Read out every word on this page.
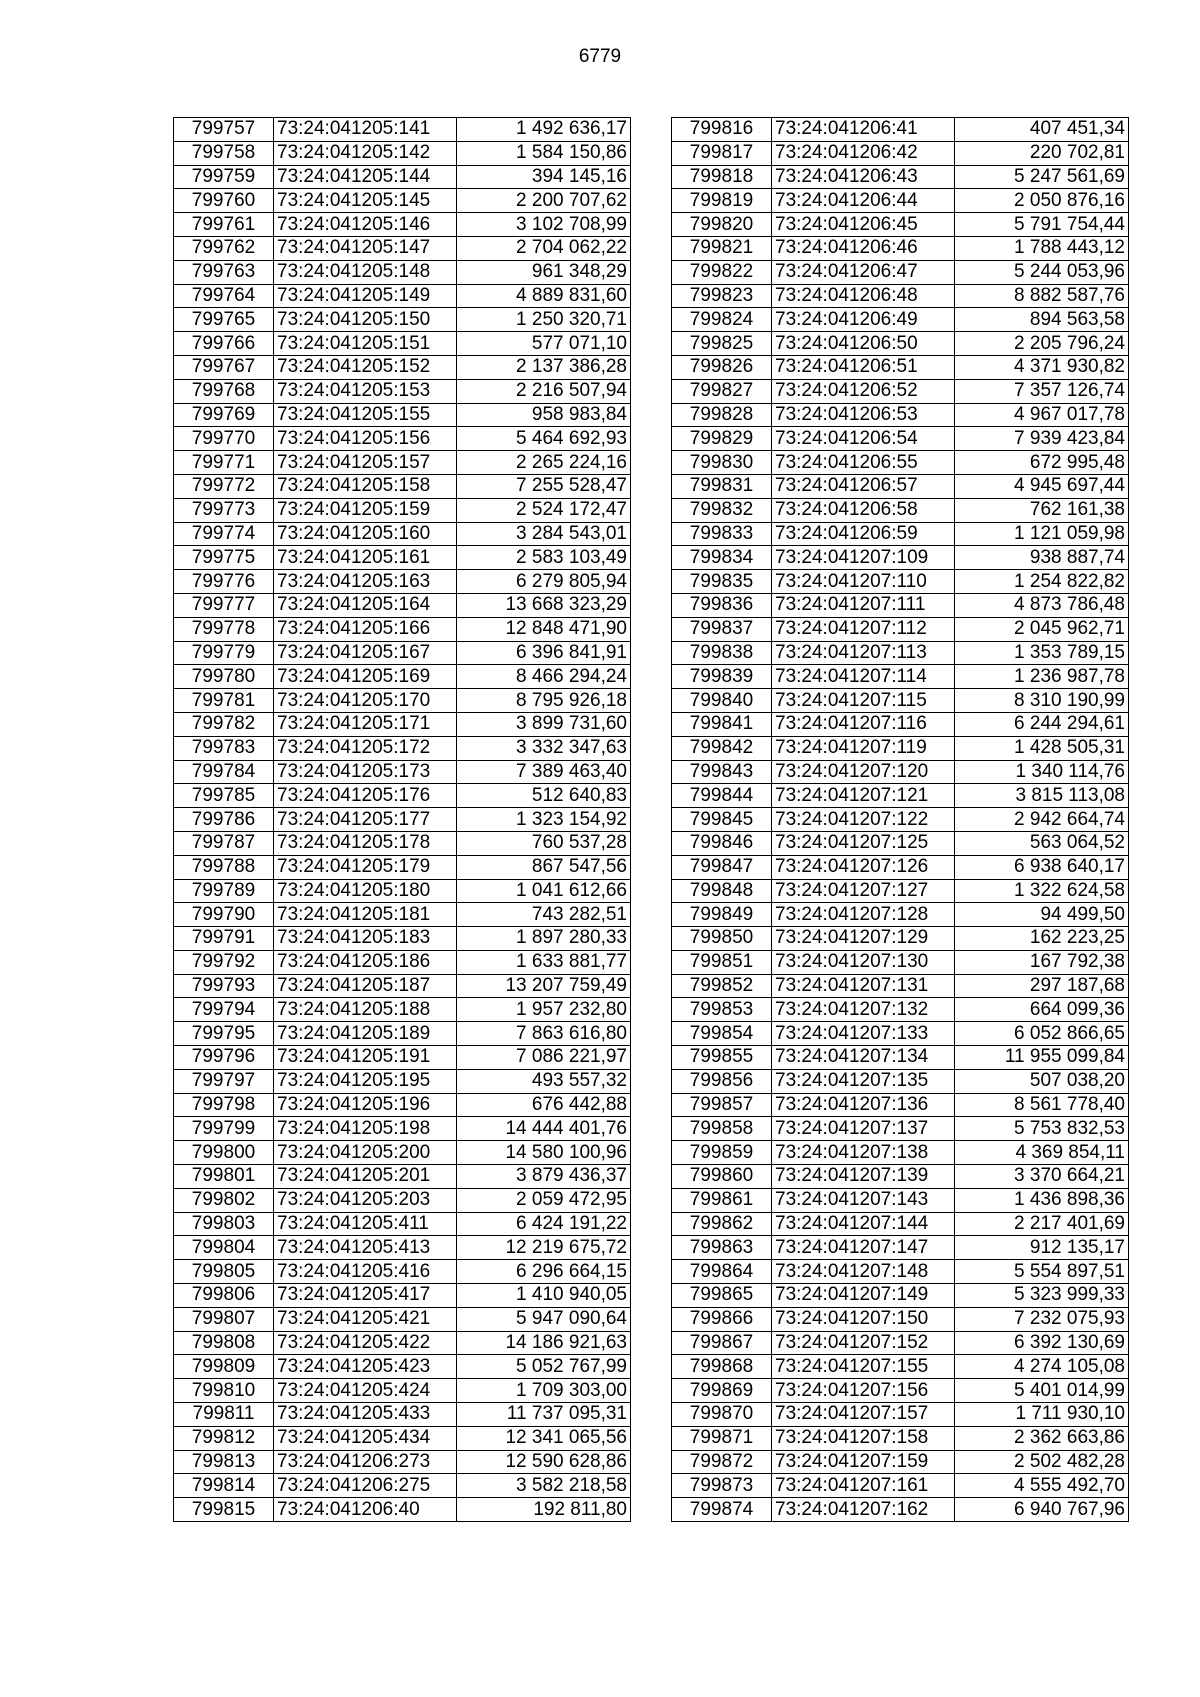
6779
799757	73:24:041205:141	1 492 636,17
799758	73:24:041205:142	1 584 150,86
799759	73:24:041205:144	394 145,16
799760	73:24:041205:145	2 200 707,62
799761	73:24:041205:146	3 102 708,99
799762	73:24:041205:147	2 704 062,22
799763	73:24:041205:148	961 348,29
799764	73:24:041205:149	4 889 831,60
799765	73:24:041205:150	1 250 320,71
799766	73:24:041205:151	577 071,10
799767	73:24:041205:152	2 137 386,28
799768	73:24:041205:153	2 216 507,94
799769	73:24:041205:155	958 983,84
799770	73:24:041205:156	5 464 692,93
799771	73:24:041205:157	2 265 224,16
799772	73:24:041205:158	7 255 528,47
799773	73:24:041205:159	2 524 172,47
799774	73:24:041205:160	3 284 543,01
799775	73:24:041205:161	2 583 103,49
799776	73:24:041205:163	6 279 805,94
799777	73:24:041205:164	13 668 323,29
799778	73:24:041205:166	12 848 471,90
799779	73:24:041205:167	6 396 841,91
799780	73:24:041205:169	8 466 294,24
799781	73:24:041205:170	8 795 926,18
799782	73:24:041205:171	3 899 731,60
799783	73:24:041205:172	3 332 347,63
799784	73:24:041205:173	7 389 463,40
799785	73:24:041205:176	512 640,83
799786	73:24:041205:177	1 323 154,92
799787	73:24:041205:178	760 537,28
799788	73:24:041205:179	867 547,56
799789	73:24:041205:180	1 041 612,66
799790	73:24:041205:181	743 282,51
799791	73:24:041205:183	1 897 280,33
799792	73:24:041205:186	1 633 881,77
799793	73:24:041205:187	13 207 759,49
799794	73:24:041205:188	1 957 232,80
799795	73:24:041205:189	7 863 616,80
799796	73:24:041205:191	7 086 221,97
799797	73:24:041205:195	493 557,32
799798	73:24:041205:196	676 442,88
799799	73:24:041205:198	14 444 401,76
799800	73:24:041205:200	14 580 100,96
799801	73:24:041205:201	3 879 436,37
799802	73:24:041205:203	2 059 472,95
799803	73:24:041205:411	6 424 191,22
799804	73:24:041205:413	12 219 675,72
799805	73:24:041205:416	6 296 664,15
799806	73:24:041205:417	1 410 940,05
799807	73:24:041205:421	5 947 090,64
799808	73:24:041205:422	14 186 921,63
799809	73:24:041205:423	5 052 767,99
799810	73:24:041205:424	1 709 303,00
799811	73:24:041205:433	11 737 095,31
799812	73:24:041205:434	12 341 065,56
799813	73:24:041206:273	12 590 628,86
799814	73:24:041206:275	3 582 218,58
799815	73:24:041206:40	192 811,80
799816	73:24:041206:41	407 451,34
799817	73:24:041206:42	220 702,81
799818	73:24:041206:43	5 247 561,69
799819	73:24:041206:44	2 050 876,16
799820	73:24:041206:45	5 791 754,44
799821	73:24:041206:46	1 788 443,12
799822	73:24:041206:47	5 244 053,96
799823	73:24:041206:48	8 882 587,76
799824	73:24:041206:49	894 563,58
799825	73:24:041206:50	2 205 796,24
799826	73:24:041206:51	4 371 930,82
799827	73:24:041206:52	7 357 126,74
799828	73:24:041206:53	4 967 017,78
799829	73:24:041206:54	7 939 423,84
799830	73:24:041206:55	672 995,48
799831	73:24:041206:57	4 945 697,44
799832	73:24:041206:58	762 161,38
799833	73:24:041206:59	1 121 059,98
799834	73:24:041207:109	938 887,74
799835	73:24:041207:110	1 254 822,82
799836	73:24:041207:111	4 873 786,48
799837	73:24:041207:112	2 045 962,71
799838	73:24:041207:113	1 353 789,15
799839	73:24:041207:114	1 236 987,78
799840	73:24:041207:115	8 310 190,99
799841	73:24:041207:116	6 244 294,61
799842	73:24:041207:119	1 428 505,31
799843	73:24:041207:120	1 340 114,76
799844	73:24:041207:121	3 815 113,08
799845	73:24:041207:122	2 942 664,74
799846	73:24:041207:125	563 064,52
799847	73:24:041207:126	6 938 640,17
799848	73:24:041207:127	1 322 624,58
799849	73:24:041207:128	94 499,50
799850	73:24:041207:129	162 223,25
799851	73:24:041207:130	167 792,38
799852	73:24:041207:131	297 187,68
799853	73:24:041207:132	664 099,36
799854	73:24:041207:133	6 052 866,65
799855	73:24:041207:134	11 955 099,84
799856	73:24:041207:135	507 038,20
799857	73:24:041207:136	8 561 778,40
799858	73:24:041207:137	5 753 832,53
799859	73:24:041207:138	4 369 854,11
799860	73:24:041207:139	3 370 664,21
799861	73:24:041207:143	1 436 898,36
799862	73:24:041207:144	2 217 401,69
799863	73:24:041207:147	912 135,17
799864	73:24:041207:148	5 554 897,51
799865	73:24:041207:149	5 323 999,33
799866	73:24:041207:150	7 232 075,93
799867	73:24:041207:152	6 392 130,69
799868	73:24:041207:155	4 274 105,08
799869	73:24:041207:156	5 401 014,99
799870	73:24:041207:157	1 711 930,10
799871	73:24:041207:158	2 362 663,86
799872	73:24:041207:159	2 502 482,28
799873	73:24:041207:161	4 555 492,70
799874	73:24:041207:162	6 940 767,96
